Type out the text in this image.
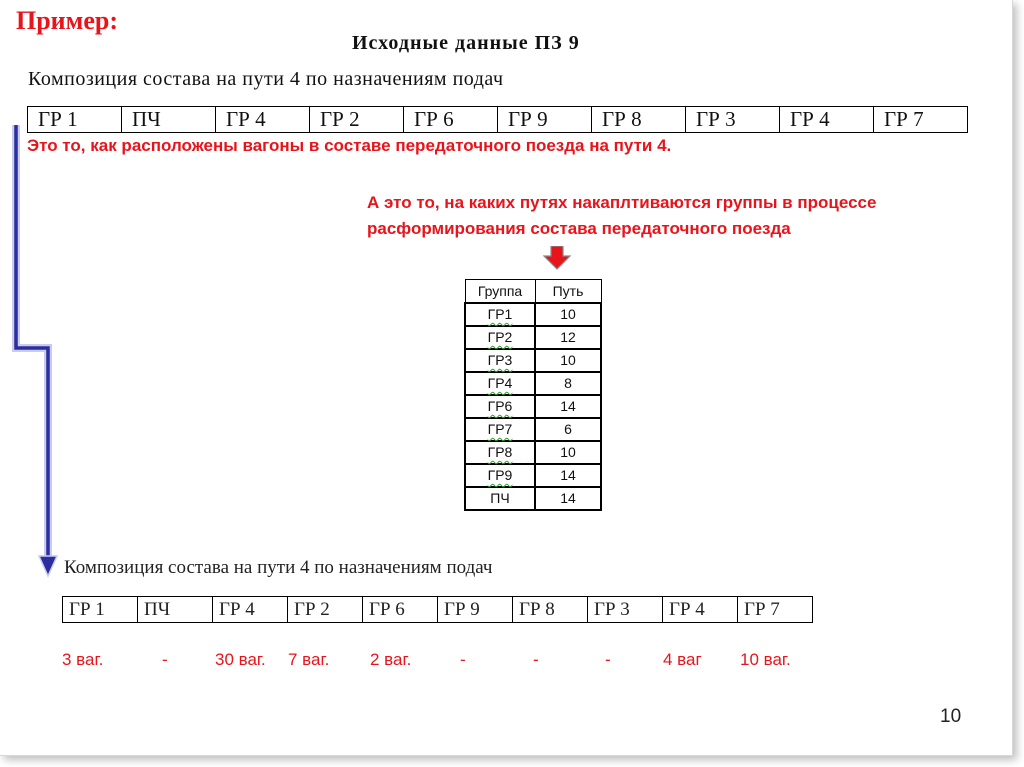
Пример:
Исходные данные ПЗ 9
Композиция состава на пути 4 по назначениям подач
ГР 1	ПЧ	ГР 4	ГР 2	ГР 6	ГР 9	ГР 8	ГР 3	ГР 4	ГР 7
Это то, как расположены вагоны в составе передаточного поезда на пути 4.
А это то, на каких путях накаплтиваются группы в процессе расформирования состава передаточного поезда
Группа	Путь
ГР1	10
ГР2	12
ГР3	10
ГР4	8
ГР6	14
ГР7	6
ГР8	10
ГР9	14
ПЧ	14
Композиция состава на пути 4 по назначениям подач
ГР 1	ПЧ	ГР 4	ГР 2	ГР 6	ГР 9	ГР 8	ГР 3	ГР 4	ГР 7
3 ваг.	-	30 ваг. 7 ваг. 2 ваг.	-	-	-	4 ваг 10 ваг.
10
